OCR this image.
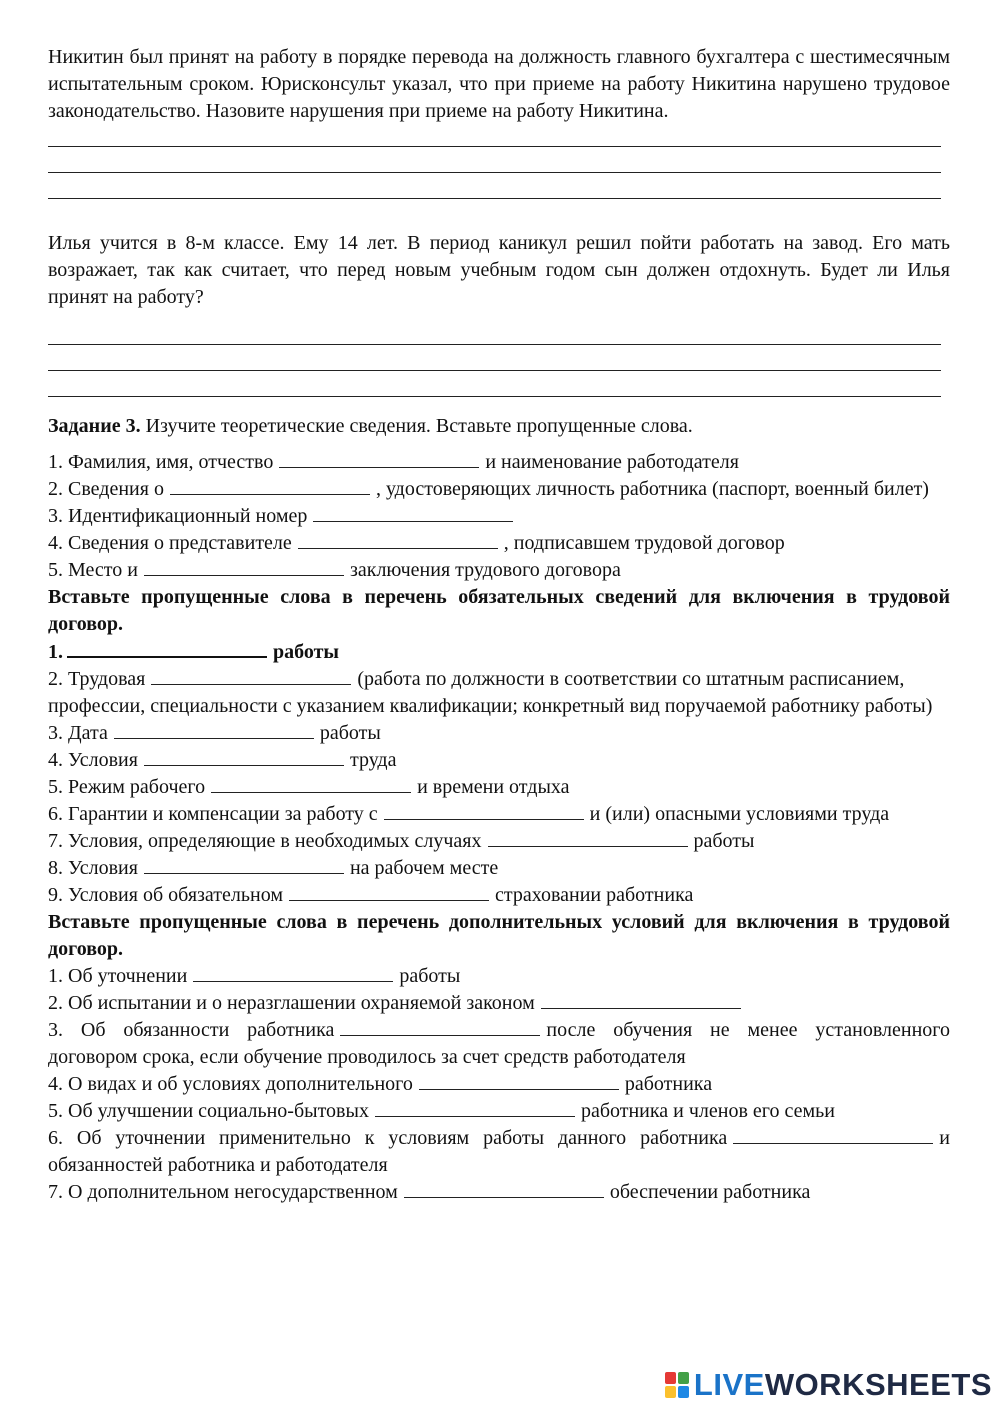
Никитин был принят на работу в порядке перевода на должность главного бухгалтера с шестимесячным испытательным сроком. Юрисконсульт указал, что при приеме на работу Никитина нарушено трудовое законодательство. Назовите нарушения при приеме на работу Никитина.

Илья учится в 8-м классе. Ему 14 лет. В период каникул решил пойти работать на завод. Его мать возражает, так как считает, что перед новым учебным годом сын должен отдохнуть. Будет ли Илья принят на работу?

Задание 3. Изучите теоретические сведения. Вставьте пропущенные слова.

1. Фамилия, имя, отчество	и наименование работодателя

2. Сведения о	, удостоверяющих личность работника (паспорт, военный билет)

3. Идентификационный номер

4. Сведения о представителе	, подписавшем трудовой договор

5. Место и	заключения трудового договора

Вставьте пропущенные слова в перечень обязательных сведений для включения в трудовой договор.

1.	работы

2. Трудовая	(работа по должности в соответствии со штатным расписанием, профессии, специальности с указанием квалификации; конкретный вид поручаемой работнику работы)

3. Дата	работы

4. Условия	труда

5. Режим рабочего	и времени отдыха

6. Гарантии и компенсации за работу с	и (или) опасными условиями труда

7. Условия, определяющие в необходимых случаях	работы

8. Условия	на рабочем месте

9. Условия об обязательном	страховании работника

Вставьте пропущенные слова в перечень дополнительных условий для включения в трудовой договор.

1. Об уточнении	работы

2. Об испытании и о неразглашении охраняемой законом

3. Об обязанности работника	после обучения не менее установленного договором срока, если обучение проводилось за счет средств работодателя

4. О видах и об условиях дополнительного	работника

5. Об улучшении социально-бытовых	работника и членов его семьи

6. Об уточнении применительно к условиям работы данного работника	и обязанностей работника и работодателя

7. О дополнительном негосударственном	обеспечении работника

LIVEWORKSHEETS
